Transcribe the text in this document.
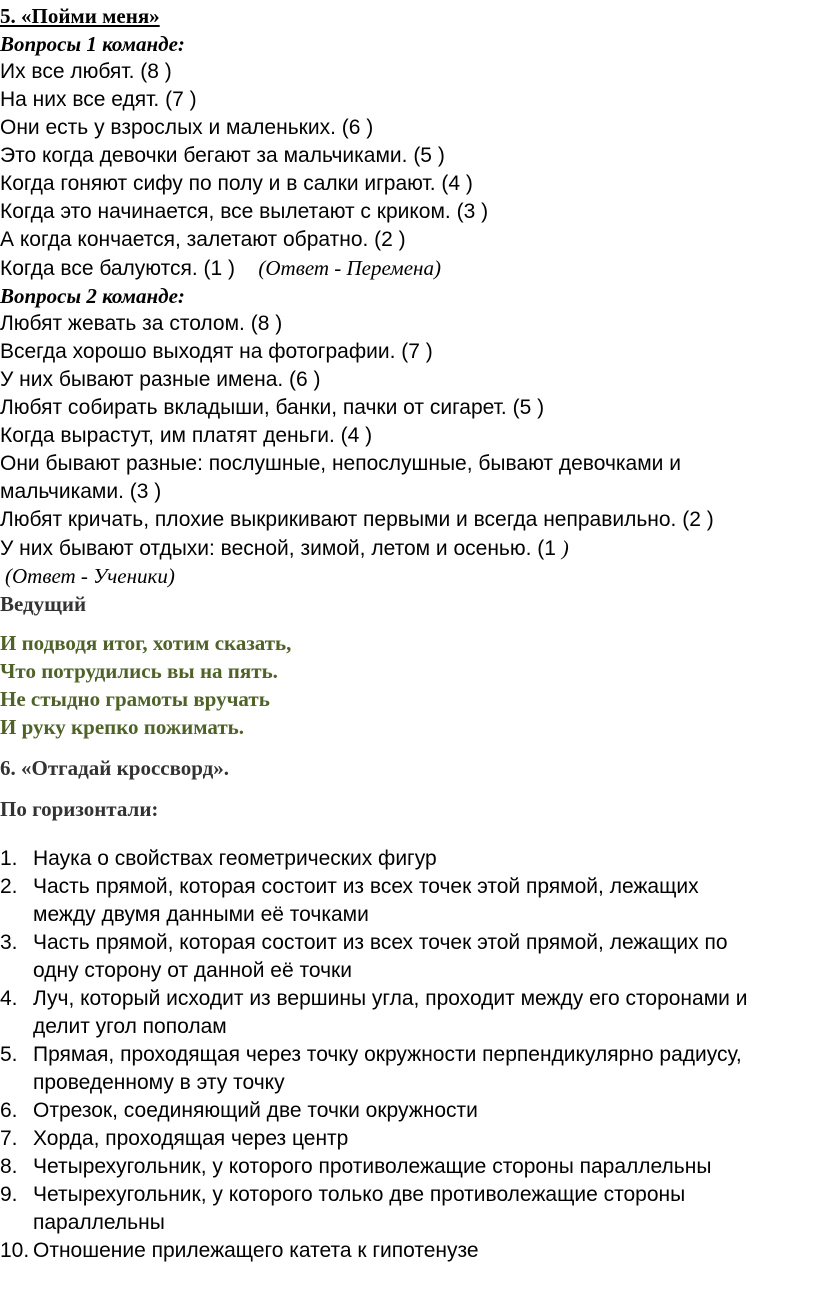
5. «Пойми меня»
Вопросы 1 команде:
Их все любят. (8 )
На них все едят. (7 )
Они есть у взрослых и маленьких. (6 )
Это когда девочки бегают за мальчиками. (5 )
Когда гоняют сифу по полу и в салки играют. (4 )
Когда это начинается, все вылетают с криком. (3 )
А когда кончается, залетают обратно. (2 )
Когда все балуются. (1 ) (Ответ - Перемена)
Вопросы 2 команде:
Любят жевать за столом. (8 )
Всегда хорошо выходят на фотографии. (7 )
У них бывают разные имена. (6 )
Любят собирать вкладыши, банки, пачки от сигарет. (5 )
Когда вырастут, им платят деньги. (4 )
Они бывают разные: послушные, непослушные, бывают девочками и
мальчиками. (3 )
Любят кричать, плохие выкрикивают первыми и всегда неправильно. (2 )
У них бывают отдыхи: весной, зимой, летом и осенью. (1 )
(Ответ - Ученики)
Ведущий
И подводя итог, хотим сказать,
Что потрудились вы на пять.
Не стыдно грамоты вручать
И руку крепко пожимать.
6. «Отгадай кроссворд».
По горизонтали:
1. Наука о свойствах геометрических фигур
2. Часть прямой, которая состоит из всех точек этой прямой, лежащих
между двумя данными её точками
3. Часть прямой, которая состоит из всех точек этой прямой, лежащих по
одну сторону от данной её точки
4. Луч, который исходит из вершины угла, проходит между его сторонами и
делит угол пополам
5. Прямая, проходящая через точку окружности перпендикулярно радиусу,
проведенному в эту точку
6. Отрезок, соединяющий две точки окружности
7. Хорда, проходящая через центр
8. Четырехугольник, у которого противолежащие стороны параллельны
9. Четырехугольник, у которого только две противолежащие стороны
параллельны
10. Отношение прилежащего катета к гипотенузе
